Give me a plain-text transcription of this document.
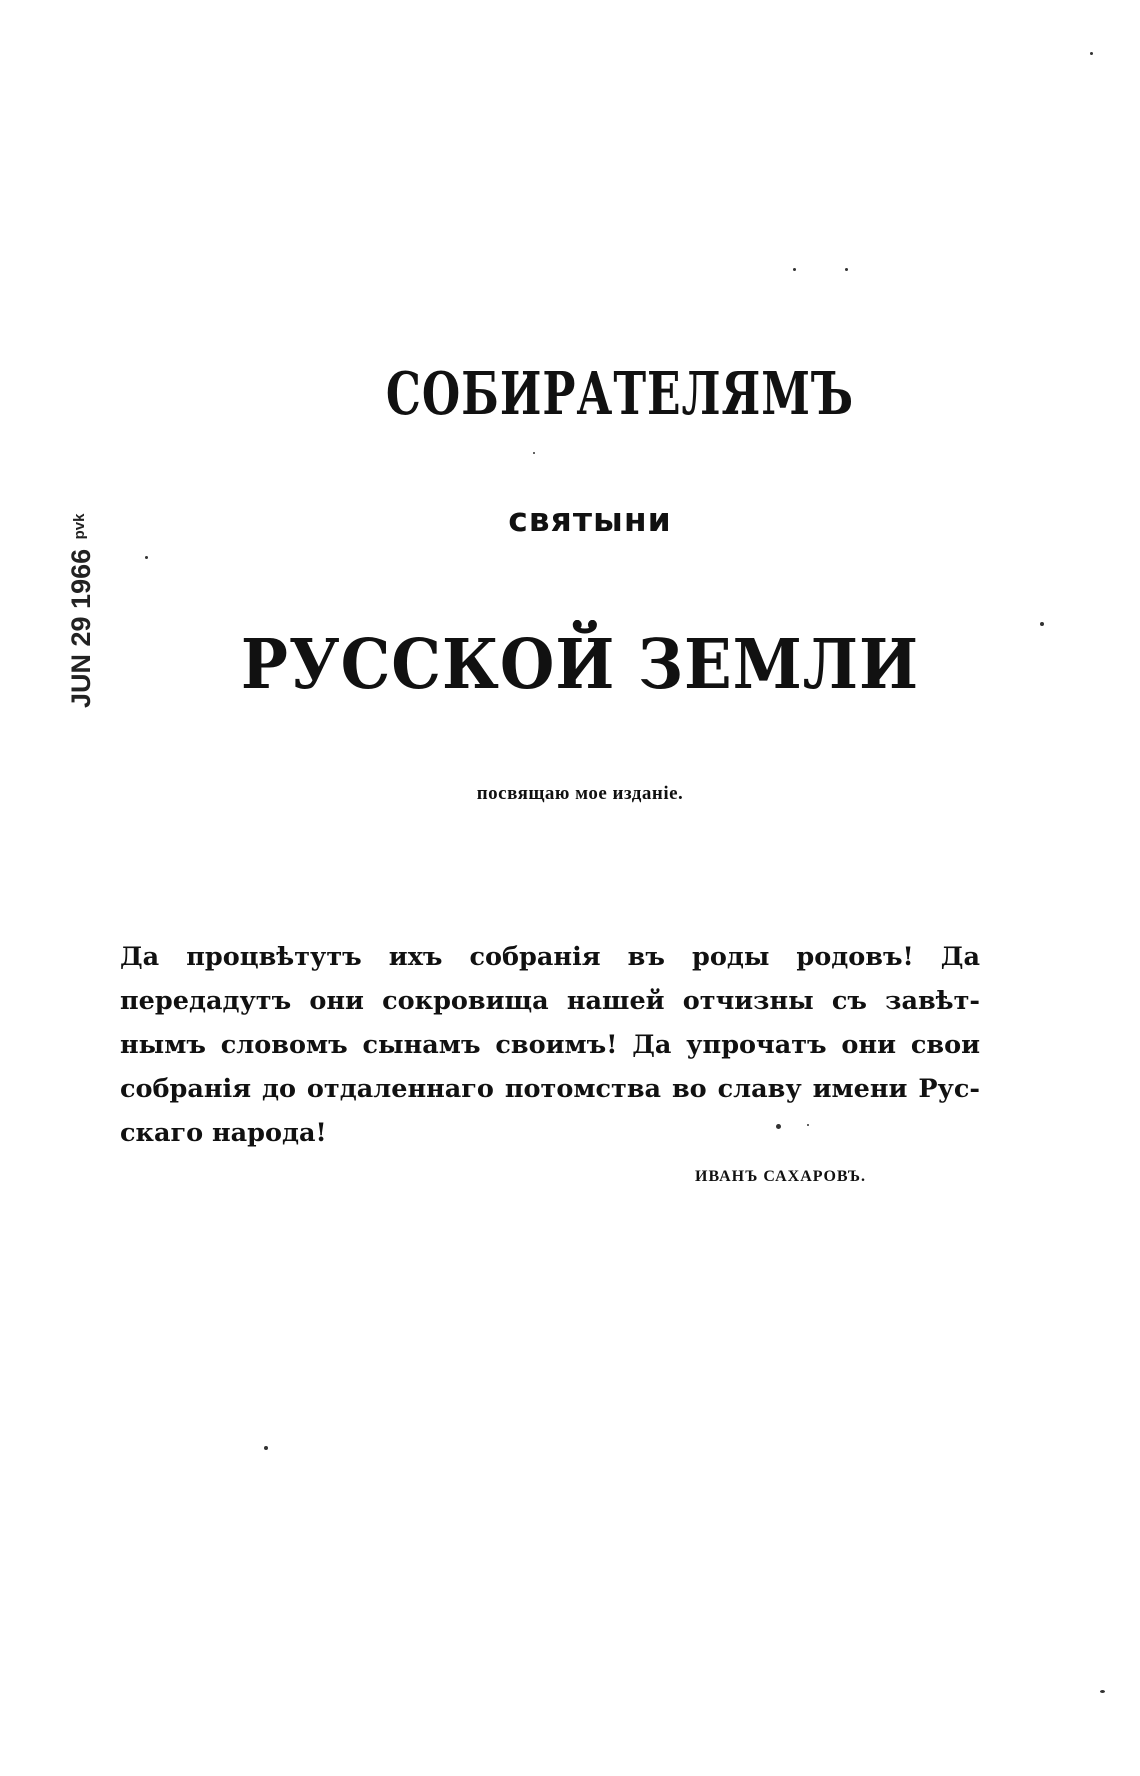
JUN 29 1966 $^{pvk}$
СОБИРАТЕЛЯМЪ
святыни
РУССКОЙ ЗЕМЛИ
посвящаю мое изданіе.
Да процвѣтутъ ихъ собранія въ роды родовъ! Да
передадутъ они сокровища нашей отчизны съ завѣт-
нымъ словомъ сынамъ своимъ! Да упрочатъ они свои
собранія до отдаленнаго потомства во славу имени Рус-
скаго народа!
ИВАНЪ САХАРОВЪ.
